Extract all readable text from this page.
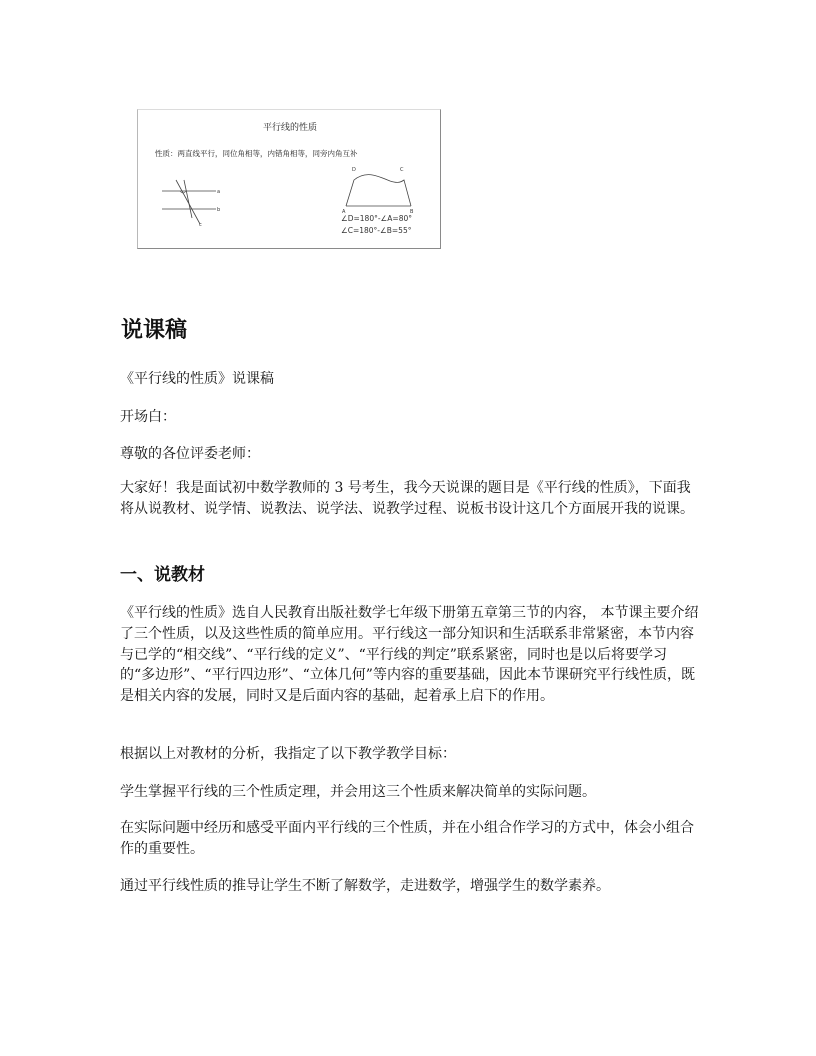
平行线的性质
性质：两直线平行，同位角相等，内错角相等，同旁内角互补
a
b
c
D	C
A	B
∠D=180°-∠A=80°
∠C=180°-∠B=55°
说课稿

《平行线的性质》说课稿

开场白：

尊敬的各位评委老师：

大家好！我是面试初中数学教师的 3 号考生，我今天说课的题目是《平行线的性质》，下面我将从说教材、说学情、说教法、说学法、说教学过程、说板书设计这几个方面展开我的说课。

一、说教材

《平行线的性质》选自人民教育出版社数学七年级下册第五章第三节的内容， 本节课主要介绍了三个性质，以及这些性质的简单应用。平行线这一部分知识和生活联系非常紧密，本节内容与已学的“相交线”、“平行线的定义”、“平行线的判定”联系紧密，同时也是以后将要学习的“多边形”、“平行四边形”、“立体几何”等内容的重要基础，因此本节课研究平行线性质，既是相关内容的发展，同时又是后面内容的基础，起着承上启下的作用。

根据以上对教材的分析，我指定了以下教学教学目标：

学生掌握平行线的三个性质定理，并会用这三个性质来解决简单的实际问题。

在实际问题中经历和感受平面内平行线的三个性质，并在小组合作学习的方式中，体会小组合作的重要性。

通过平行线性质的推导让学生不断了解数学，走进数学，增强学生的数学素养。
